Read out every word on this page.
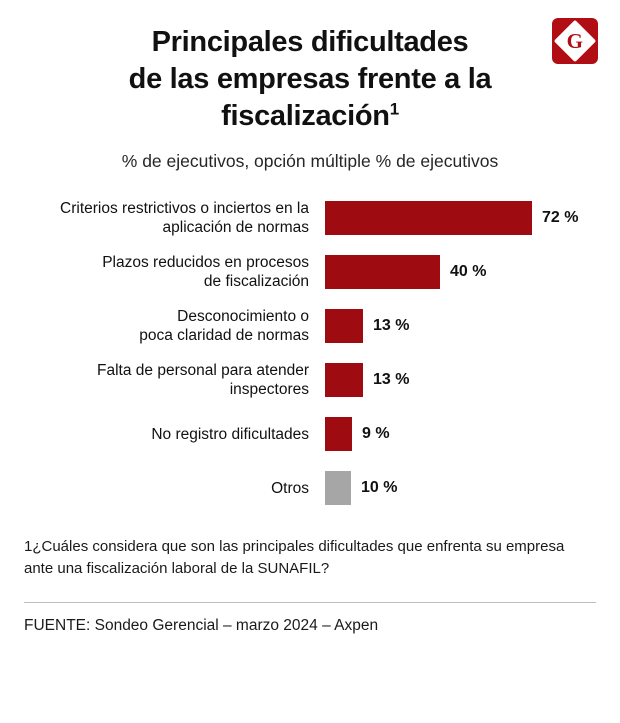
G
Principales dificultades
de las empresas frente a la
fiscalización$^1$
% de ejecutivos, opción múltiple % de ejecutivos
Criterios restrictivos o inciertos en la
aplicación de normas
72 %
Plazos reducidos en procesos
de fiscalización
40 %
Desconocimiento o
poca claridad de normas
13 %
Falta de personal para atender
inspectores
13 %
No registro dificultades	9 %
Otros	10 %
1¿Cuáles considera que son las principales dificultades que enfrenta su empresa ante una fiscalización laboral de la SUNAFIL?
FUENTE: Sondeo Gerencial – marzo 2024 – Axpen
